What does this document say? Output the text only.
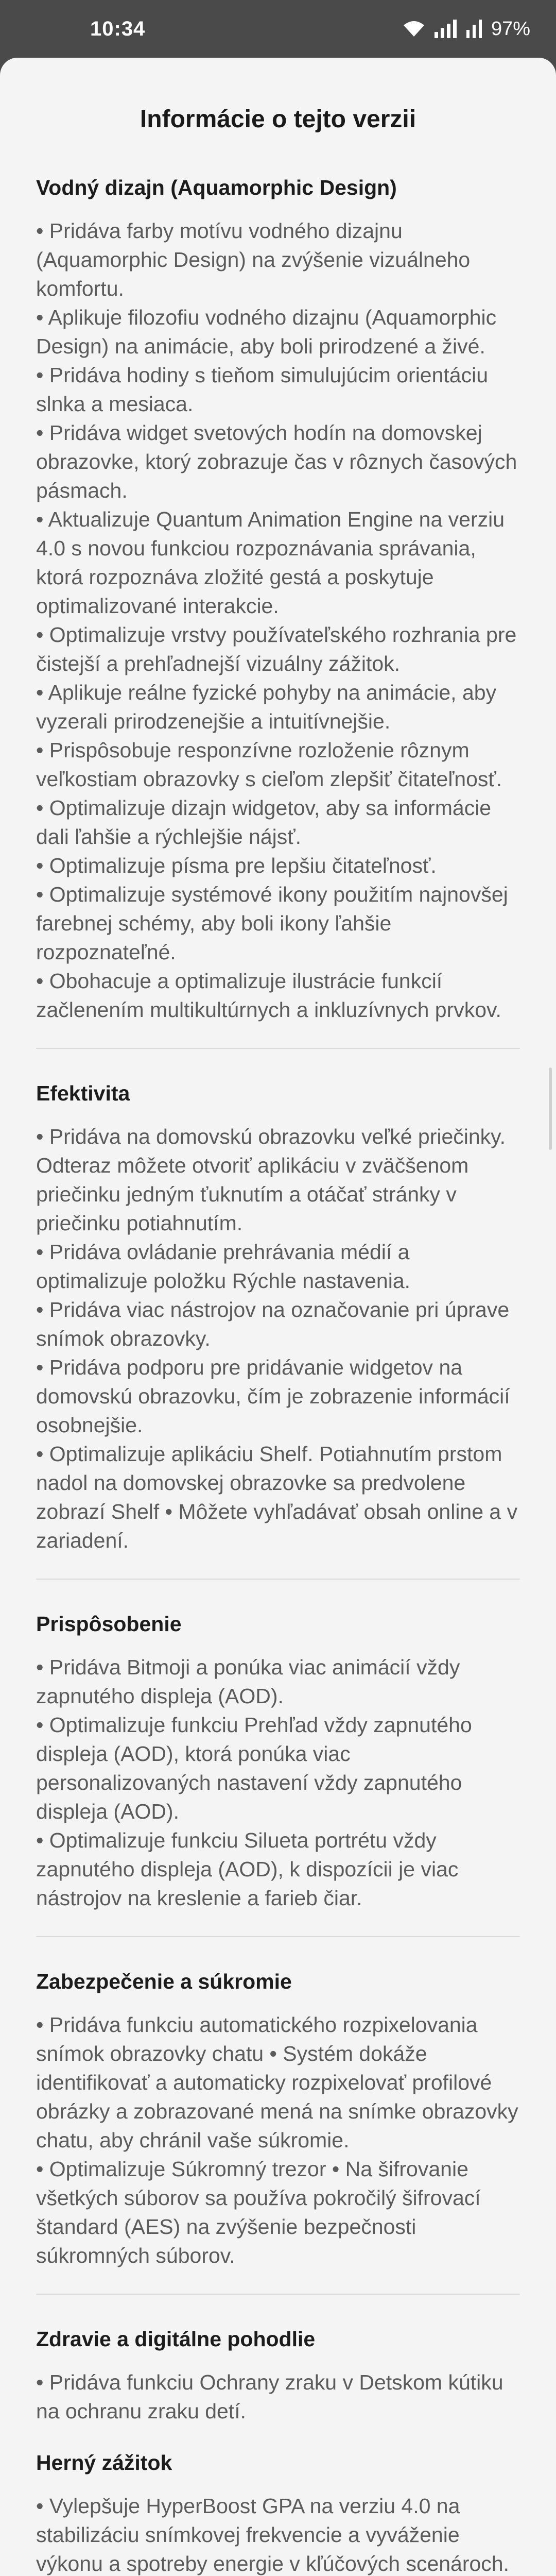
10:34	97%
Informácie o tejto verzii
Vodný dizajn (Aquamorphic Design)

• Pridáva farby motívu vodného dizajnu (Aquamorphic Design) na zvýšenie vizuálneho komfortu.

• Aplikuje filozofiu vodného dizajnu (Aquamorphic Design) na animácie, aby boli prirodzené a živé.

• Pridáva hodiny s tieňom simulujúcim orientáciu slnka a mesiaca.

• Pridáva widget svetových hodín na domovskej obrazovke, ktorý zobrazuje čas v rôznych časových pásmach.

• Aktualizuje Quantum Animation Engine na verziu 4.0 s novou funkciou rozpoznávania správania, ktorá rozpoznáva zložité gestá a poskytuje optimalizované interakcie.

• Optimalizuje vrstvy používateľského rozhrania pre čistejší a prehľadnejší vizuálny zážitok.

• Aplikuje reálne fyzické pohyby na animácie, aby vyzerali prirodzenejšie a intuitívnejšie.

• Prispôsobuje responzívne rozloženie rôznym veľkostiam obrazovky s cieľom zlepšiť čitateľnosť.

• Optimalizuje dizajn widgetov, aby sa informácie dali ľahšie a rýchlejšie nájsť.

• Optimalizuje písma pre lepšiu čitateľnosť.

• Optimalizuje systémové ikony použitím najnovšej farebnej schémy, aby boli ikony ľahšie rozpoznateľné.

• Obohacuje a optimalizuje ilustrácie funkcií začlenením multikultúrnych a inkluzívnych prvkov.

Efektivita

• Pridáva na domovskú obrazovku veľké priečinky. Odteraz môžete otvoriť aplikáciu v zväčšenom priečinku jedným ťuknutím a otáčať stránky v priečinku potiahnutím.

• Pridáva ovládanie prehrávania médií a optimalizuje položku Rýchle nastavenia.

• Pridáva viac nástrojov na označovanie pri úprave snímok obrazovky.

• Pridáva podporu pre pridávanie widgetov na domovskú obrazovku, čím je zobrazenie informácií osobnejšie.

• Optimalizuje aplikáciu Shelf. Potiahnutím prstom nadol na domovskej obrazovke sa predvolene zobrazí Shelf • Môžete vyhľadávať obsah online a v zariadení.

Prispôsobenie

• Pridáva Bitmoji a ponúka viac animácií vždy zapnutého displeja (AOD).

• Optimalizuje funkciu Prehľad vždy zapnutého displeja (AOD), ktorá ponúka viac personalizovaných nastavení vždy zapnutého displeja (AOD).

• Optimalizuje funkciu Silueta portrétu vždy zapnutého displeja (AOD), k dispozícii je viac nástrojov na kreslenie a farieb čiar.

Zabezpečenie a súkromie

• Pridáva funkciu automatického rozpixelovania snímok obrazovky chatu • Systém dokáže identifikovať a automaticky rozpixelovať profilové obrázky a zobrazované mená na snímke obrazovky chatu, aby chránil vaše súkromie.

• Optimalizuje Súkromný trezor • Na šifrovanie všetkých súborov sa používa pokročilý šifrovací štandard (AES) na zvýšenie bezpečnosti súkromných súborov.

Zdravie a digitálne pohodlie

• Pridáva funkciu Ochrany zraku v Detskom kútiku na ochranu zraku detí.

Herný zážitok

• Vylepšuje HyperBoost GPA na verziu 4.0 na stabilizáciu snímkovej frekvencie a vyváženie výkonu a spotreby energie v kľúčových scenároch.
